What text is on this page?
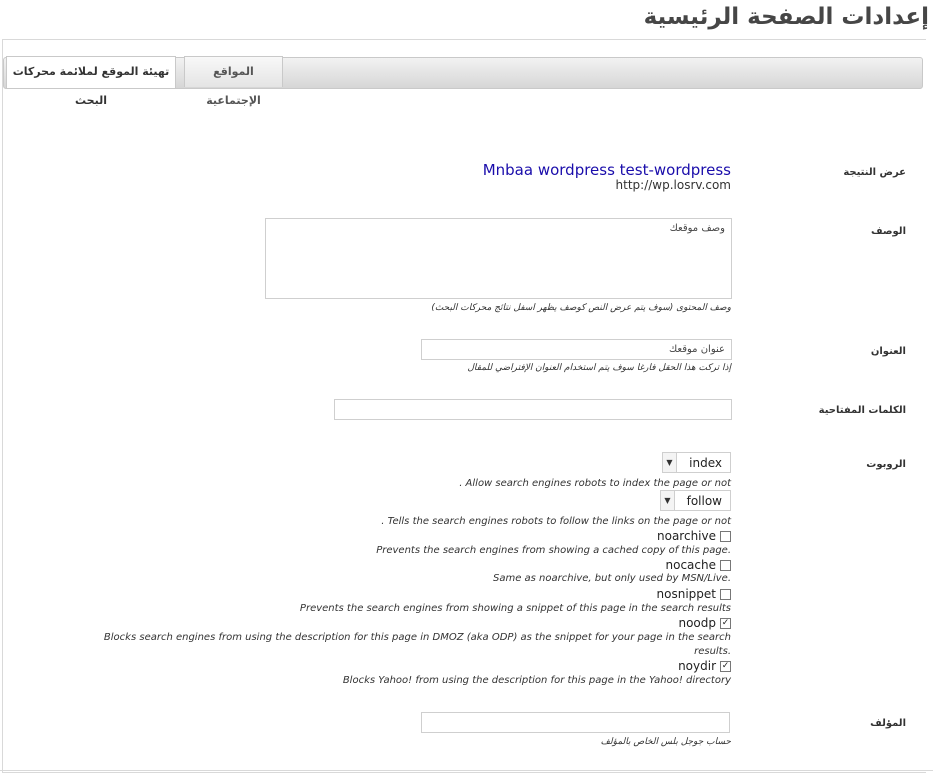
إعدادات الصفحة الرئيسية
تهيئة الموقع لملائمة محركات البحث
المواقع الإجتماعية
عرض النتيجة
Mnbaa wordpress test-wordpress
http://wp.losrv.com
الوصف
وصف موقعك
وصف المحتوى (سوف يتم عرض النص كوصف يظهر اسفل نتائج محركات البحث)
العنوان
عنوان موقعك
إذا تركت هذا الحقل فارغا سوف يتم استخدام العنوان الإفتراضي للمقال
الكلمات المفتاحية
الروبوت
index
▼
. Allow search engines robots to index the page or not
follow
▼
. Tells the search engines robots to follow the links on the page or not
noarchive
Prevents the search engines from showing a cached copy of this page.
nocache
Same as noarchive, but only used by MSN/Live.
nosnippet
Prevents the search engines from showing a snippet of this page in the search results
noodp ✓
Blocks search engines from using the description for this page in DMOZ (aka ODP) as the snippet for your page in the search
results.
noydir ✓
Blocks Yahoo! from using the description for this page in the Yahoo! directory
المؤلف
حساب جوجل بلس الخاص بالمؤلف
